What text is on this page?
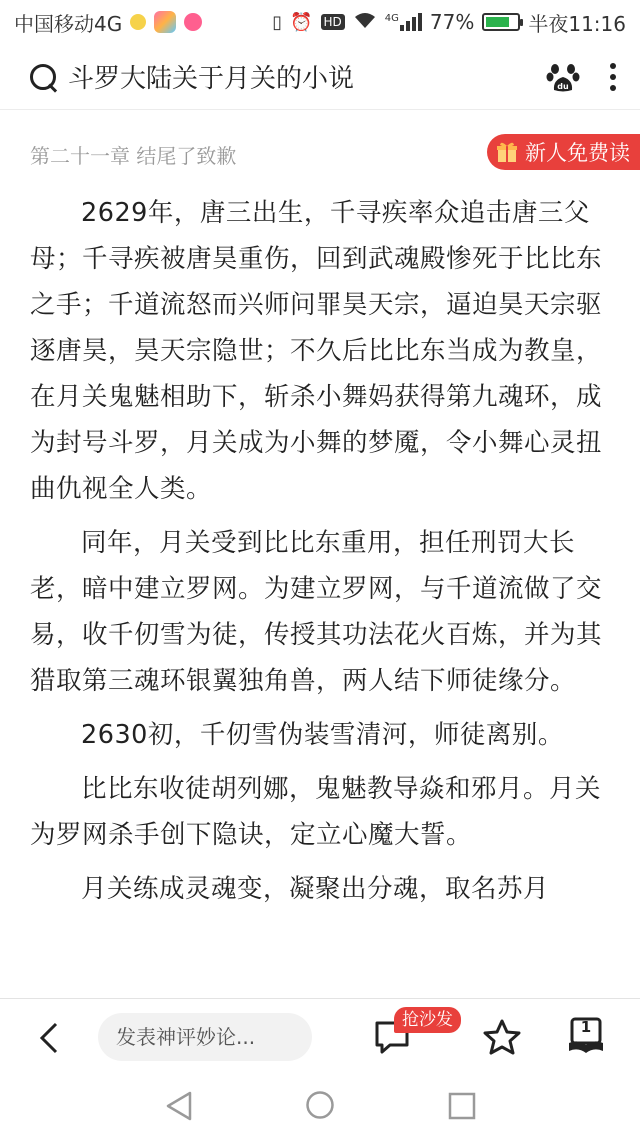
中国移动4G	▯ ⏰ HD	4G 77%	半夜11:16
斗罗大陆关于月关的小说	du
第二十一章 结尾了致歉	新人免费读

2629年，唐三出生，千寻疾率众追击唐三父母；千寻疾被唐昊重伤，回到武魂殿惨死于比比东之手；千道流怒而兴师问罪昊天宗，逼迫昊天宗驱逐唐昊，昊天宗隐世；不久后比比东当成为教皇，在月关鬼魅相助下，斩杀小舞妈获得第九魂环，成为封号斗罗，月关成为小舞的梦魇，令小舞心灵扭曲仇视全人类。

同年，月关受到比比东重用，担任刑罚大长老，暗中建立罗网。为建立罗网，与千道流做了交易，收千仞雪为徒，传授其功法花火百炼，并为其猎取第三魂环银翼独角兽，两人结下师徒缘分。

2630初，千仞雪伪装雪清河，师徒离别。

比比东收徒胡列娜，鬼魅教导焱和邪月。月关为罗网杀手创下隐诀，定立心魔大誓。

月关练成灵魂变，凝聚出分魂，取名苏月

发表神评妙论...
抢沙发	1
